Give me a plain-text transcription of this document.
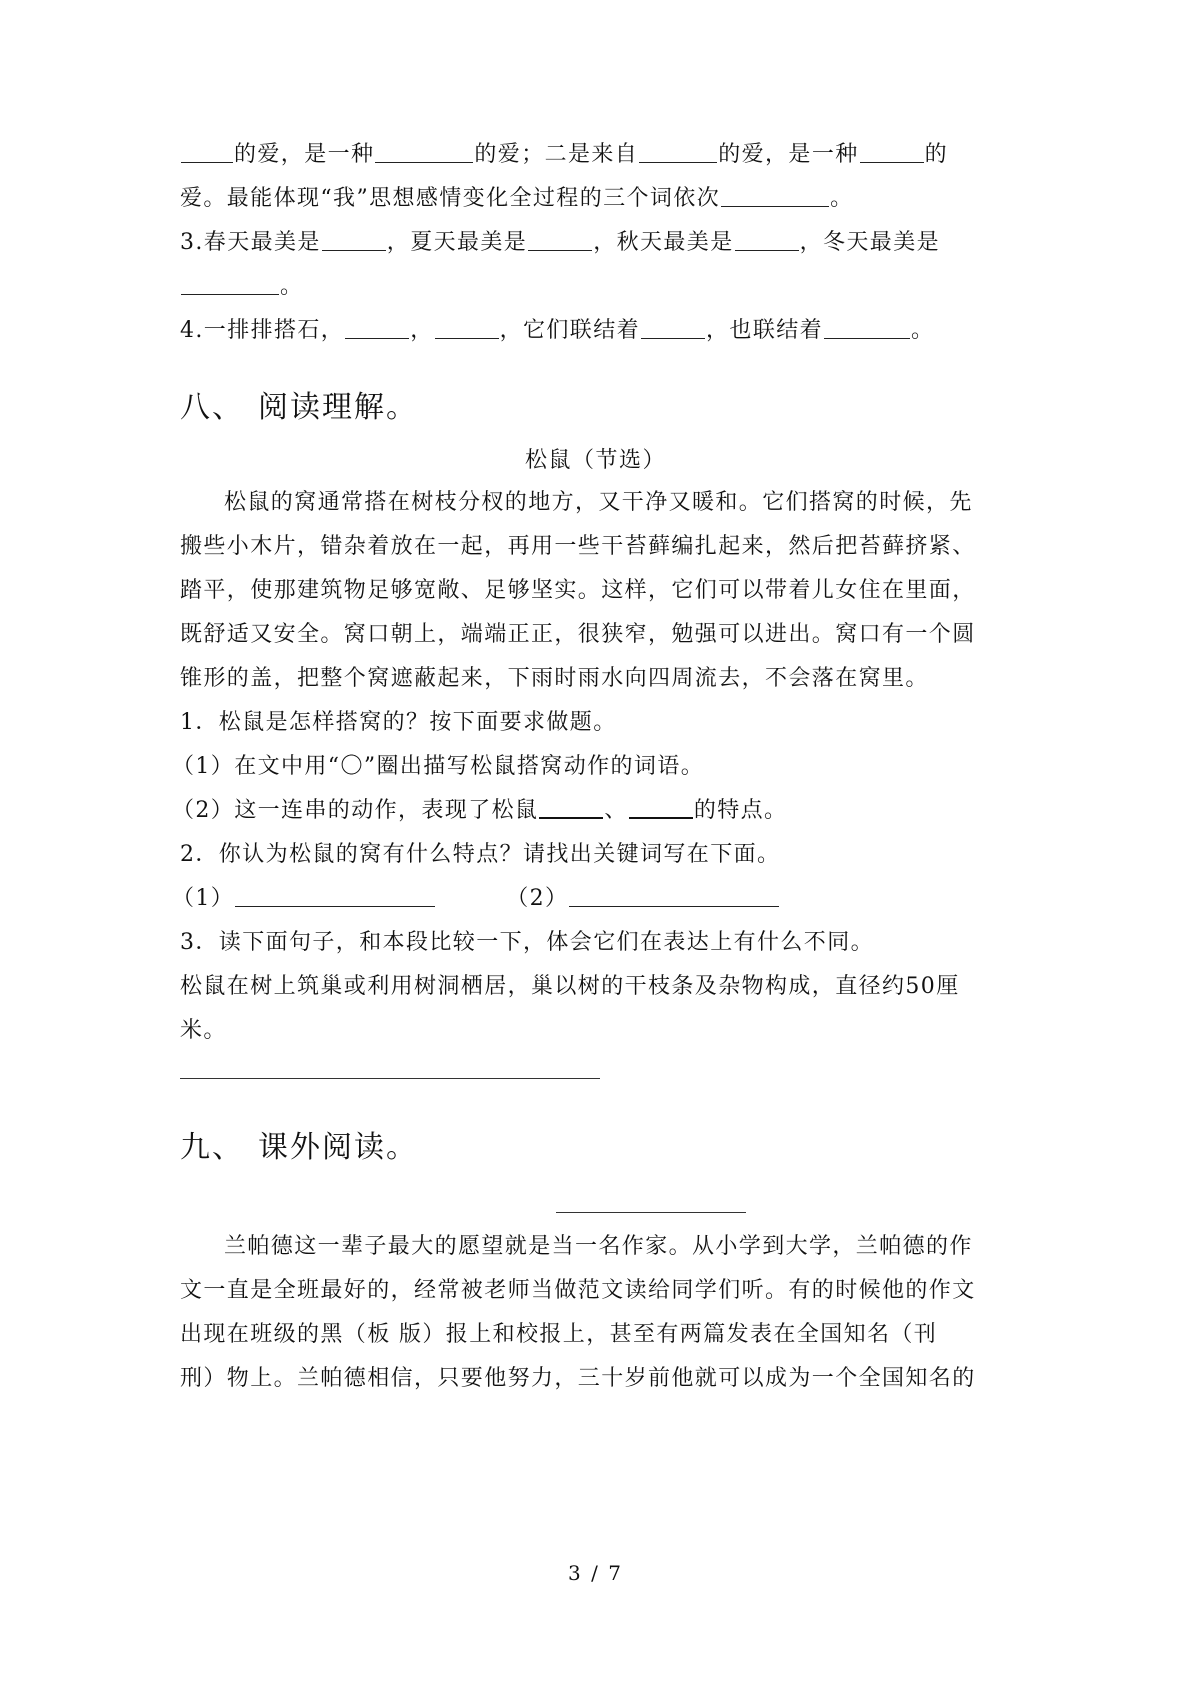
的爱，是一种	的爱；二是来自	的爱，是一种	的
爱。最能体现“我”思想感情变化全过程的三个词依次	。
3.春天最美是	，夏天最美是	，秋天最美是	，冬天最美是
。
4.一排排搭石，	，	，它们联结着	，也联结着	。
八、 阅读理解。
松鼠（节选）
松鼠的窝通常搭在树枝分杈的地方，又干净又暖和。它们搭窝的时候，先
搬些小木片，错杂着放在一起，再用一些干苔藓编扎起来，然后把苔藓挤紧、
踏平，使那建筑物足够宽敞、足够坚实。这样，它们可以带着儿女住在里面，
既舒适又安全。窝口朝上，端端正正，很狭窄，勉强可以进出。窝口有一个圆
锥形的盖，把整个窝遮蔽起来，下雨时雨水向四周流去，不会落在窝里。
1．松鼠是怎样搭窝的？按下面要求做题。
（1）在文中用“〇”圈出描写松鼠搭窝动作的词语。
（2）这一连串的动作，表现了松鼠	、	的特点。
2．你认为松鼠的窝有什么特点？请找出关键词写在下面。
（1）	（2）
3．读下面句子，和本段比较一下，体会它们在表达上有什么不同。
松鼠在树上筑巢或利用树洞栖居，巢以树的干枝条及杂物构成，直径约50厘
米。
九、 课外阅读。
兰帕德这一辈子最大的愿望就是当一名作家。从小学到大学，兰帕德的作
文一直是全班最好的，经常被老师当做范文读给同学们听。有的时候他的作文
出现在班级的黑（板 版）报上和校报上，甚至有两篇发表在全国知名（刊
刑）物上。兰帕德相信，只要他努力，三十岁前他就可以成为一个全国知名的
3 / 7
